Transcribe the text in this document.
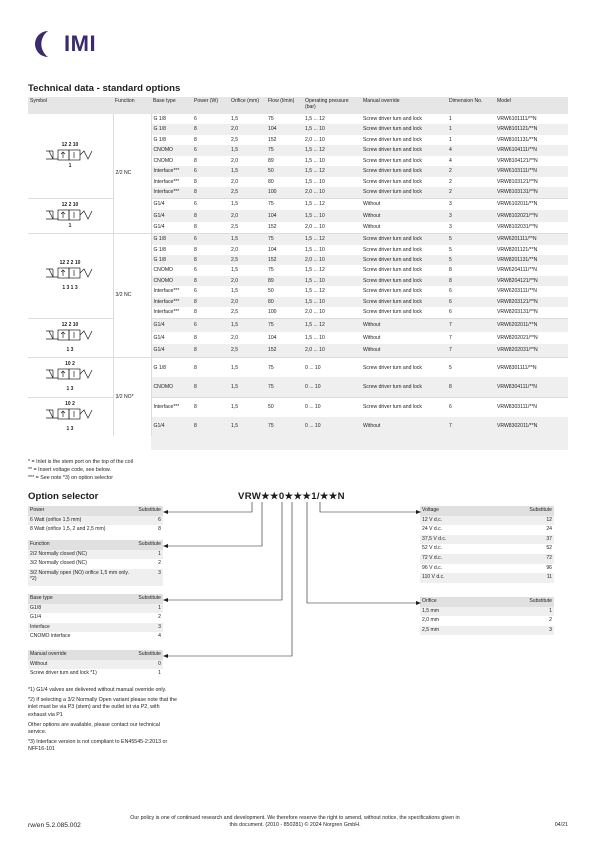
IMI
Technical data - standard options
Symbol	Function	Base type	Power (W)	Orifice (mm)	Flow (l/min)	Operating pressure (bar)	Manual override	Dimension No.	Model

12 2 10
1	2/2 NC	G 1/8	6	1,5	75	1,5 ... 12	Screw driver turn and lock	1	VRW6101111/**N
		G 1/8	8	2,0	104	1,5 ... 10	Screw driver turn and lock	1	VRW8101121/**N
		G 1/8	8	2,5	152	2,0 ... 10	Screw driver turn and lock	1	VRW8101131/**N
		CNOMO	6	1,5	75	1,5 ... 12	Screw driver turn and lock	4	VRW6104111/**N
		CNOMO	8	2,0	89	1,5 ... 10	Screw driver turn and lock	4	VRW8104121/**N
		Interface***	6	1,5	50	1,5 ... 12	Screw driver turn and lock	2	VRW6103111/**N
		Interface***	8	2,0	80	1,5 ... 10	Screw driver turn and lock	2	VRW8103121/**N
		Interface***	8	2,5	100	2,0 ... 10	Screw driver turn and lock	2	VRW8103131/**N

12 2 10
1		G1/4	6	1,5	75	1,5 ... 12	Without	3	VRW6102011/**N
		G1/4	8	2,0	104	1,5 ... 10	Without	3	VRW8102021/**N
		G1/4	8	2,5	152	2,0 ... 10	Without	3	VRW8102031/**N

12 2 2 10
1 3 1 3	3/2 NC	G 1/8	6	1,5	75	1,5 ... 12	Screw driver turn and lock	5	VRW6201111/**N
		G 1/8	8	2,0	104	1,5 ... 10	Screw driver turn and lock	5	VRW8201121/**N
		G 1/8	8	2,5	152	2,0 ... 10	Screw driver turn and lock	5	VRW8201131/**N
		CNOMO	6	1,5	75	1,5 ... 12	Screw driver turn and lock	8	VRW6204111/**N
		CNOMO	8	2,0	89	1,5 ... 10	Screw driver turn and lock	8	VRW8204121/**N
		Interface***	6	1,5	50	1,5 ... 12	Screw driver turn and lock	6	VRW6203111/**N
		Interface***	8	2,0	80	1,5 ... 10	Screw driver turn and lock	6	VRW8203121/**N
		Interface***	8	2,5	100	2,0 ... 10	Screw driver turn and lock	6	VRW8203131/**N

12 2 10
1 3		G1/4	6	1,5	75	1,5 ... 12	Without	7	VRW6202011/**N
		G1/4	8	2,0	104	1,5 ... 10	Without	7	VRW8202021/**N
		G1/4	8	2,5	152	2,0 ... 10	Without	7	VRW8202031/**N

10 2
1 3	3/2 NO*	G 1/8	8	1,5	75	0 ... 10	Screw driver turn and lock	5	VRW8301111/**N
		CNOMO	8	1,5	75	0 ... 10	Screw driver turn and lock	8	VRW8304111/**N

10 2
1 3		Interface***	8	1,5	50	0 ... 10	Screw driver turn and lock	6	VRW8303111/**N
		G1/4	8	1,5	75	0 ... 10	Without	7	VRW8302011/**N

* = Inlet is the stem port on the top of the coil
** = Insert voltage code, see below.
*** = See note *3) on option selector
Option selector	VRW★★0★★★1/★★N
Power	Substitute
6 Watt (orifice 1,5 mm)	6
8 Watt (orifice 1,5, 2 and 2,5 mm)	8
Function	Substitute
2/2 Normally closed (NC)	1
3/2 Normally closed (NC)	2
3/2 Normally open (NO) orifice 1,5 mm only. *2)	3
Base type	Substitute
G1/8	1
G1/4	2
Interface	3
CNOMO interface	4
Manual override	Substitute
Without	0
Screw driver turn and lock *1)	1
Voltage	Substitute
12 V d.c.	12
24 V d.c.	24
37,5 V d.c.	37
52 V d.c.	52
72 V d.c.	72
96 V d.c.	96
110 V d.c.	11
Orifice	Substitute
1,5 mm	1
2,0 mm	2
2,5 mm	3

*1) G1/4 valves are delivered without manual override only.

*2) If selecting a 3/2 Normally Open variant please note that the inlet must be via P3 (stem) and the outlet ist via P2, with exhaust via P1

Other options are available, please contact our technical service.

*3) Interface version is not compliant to EN45545-2:2013 or NFF16-101

rw/en 5.2.085.002
Our policy is one of continued research and development. We therefore reserve the right to amend, without notice, the specifications given in this document. (2010 - 850281) © 2024 Norgren GmbH.	04/21
